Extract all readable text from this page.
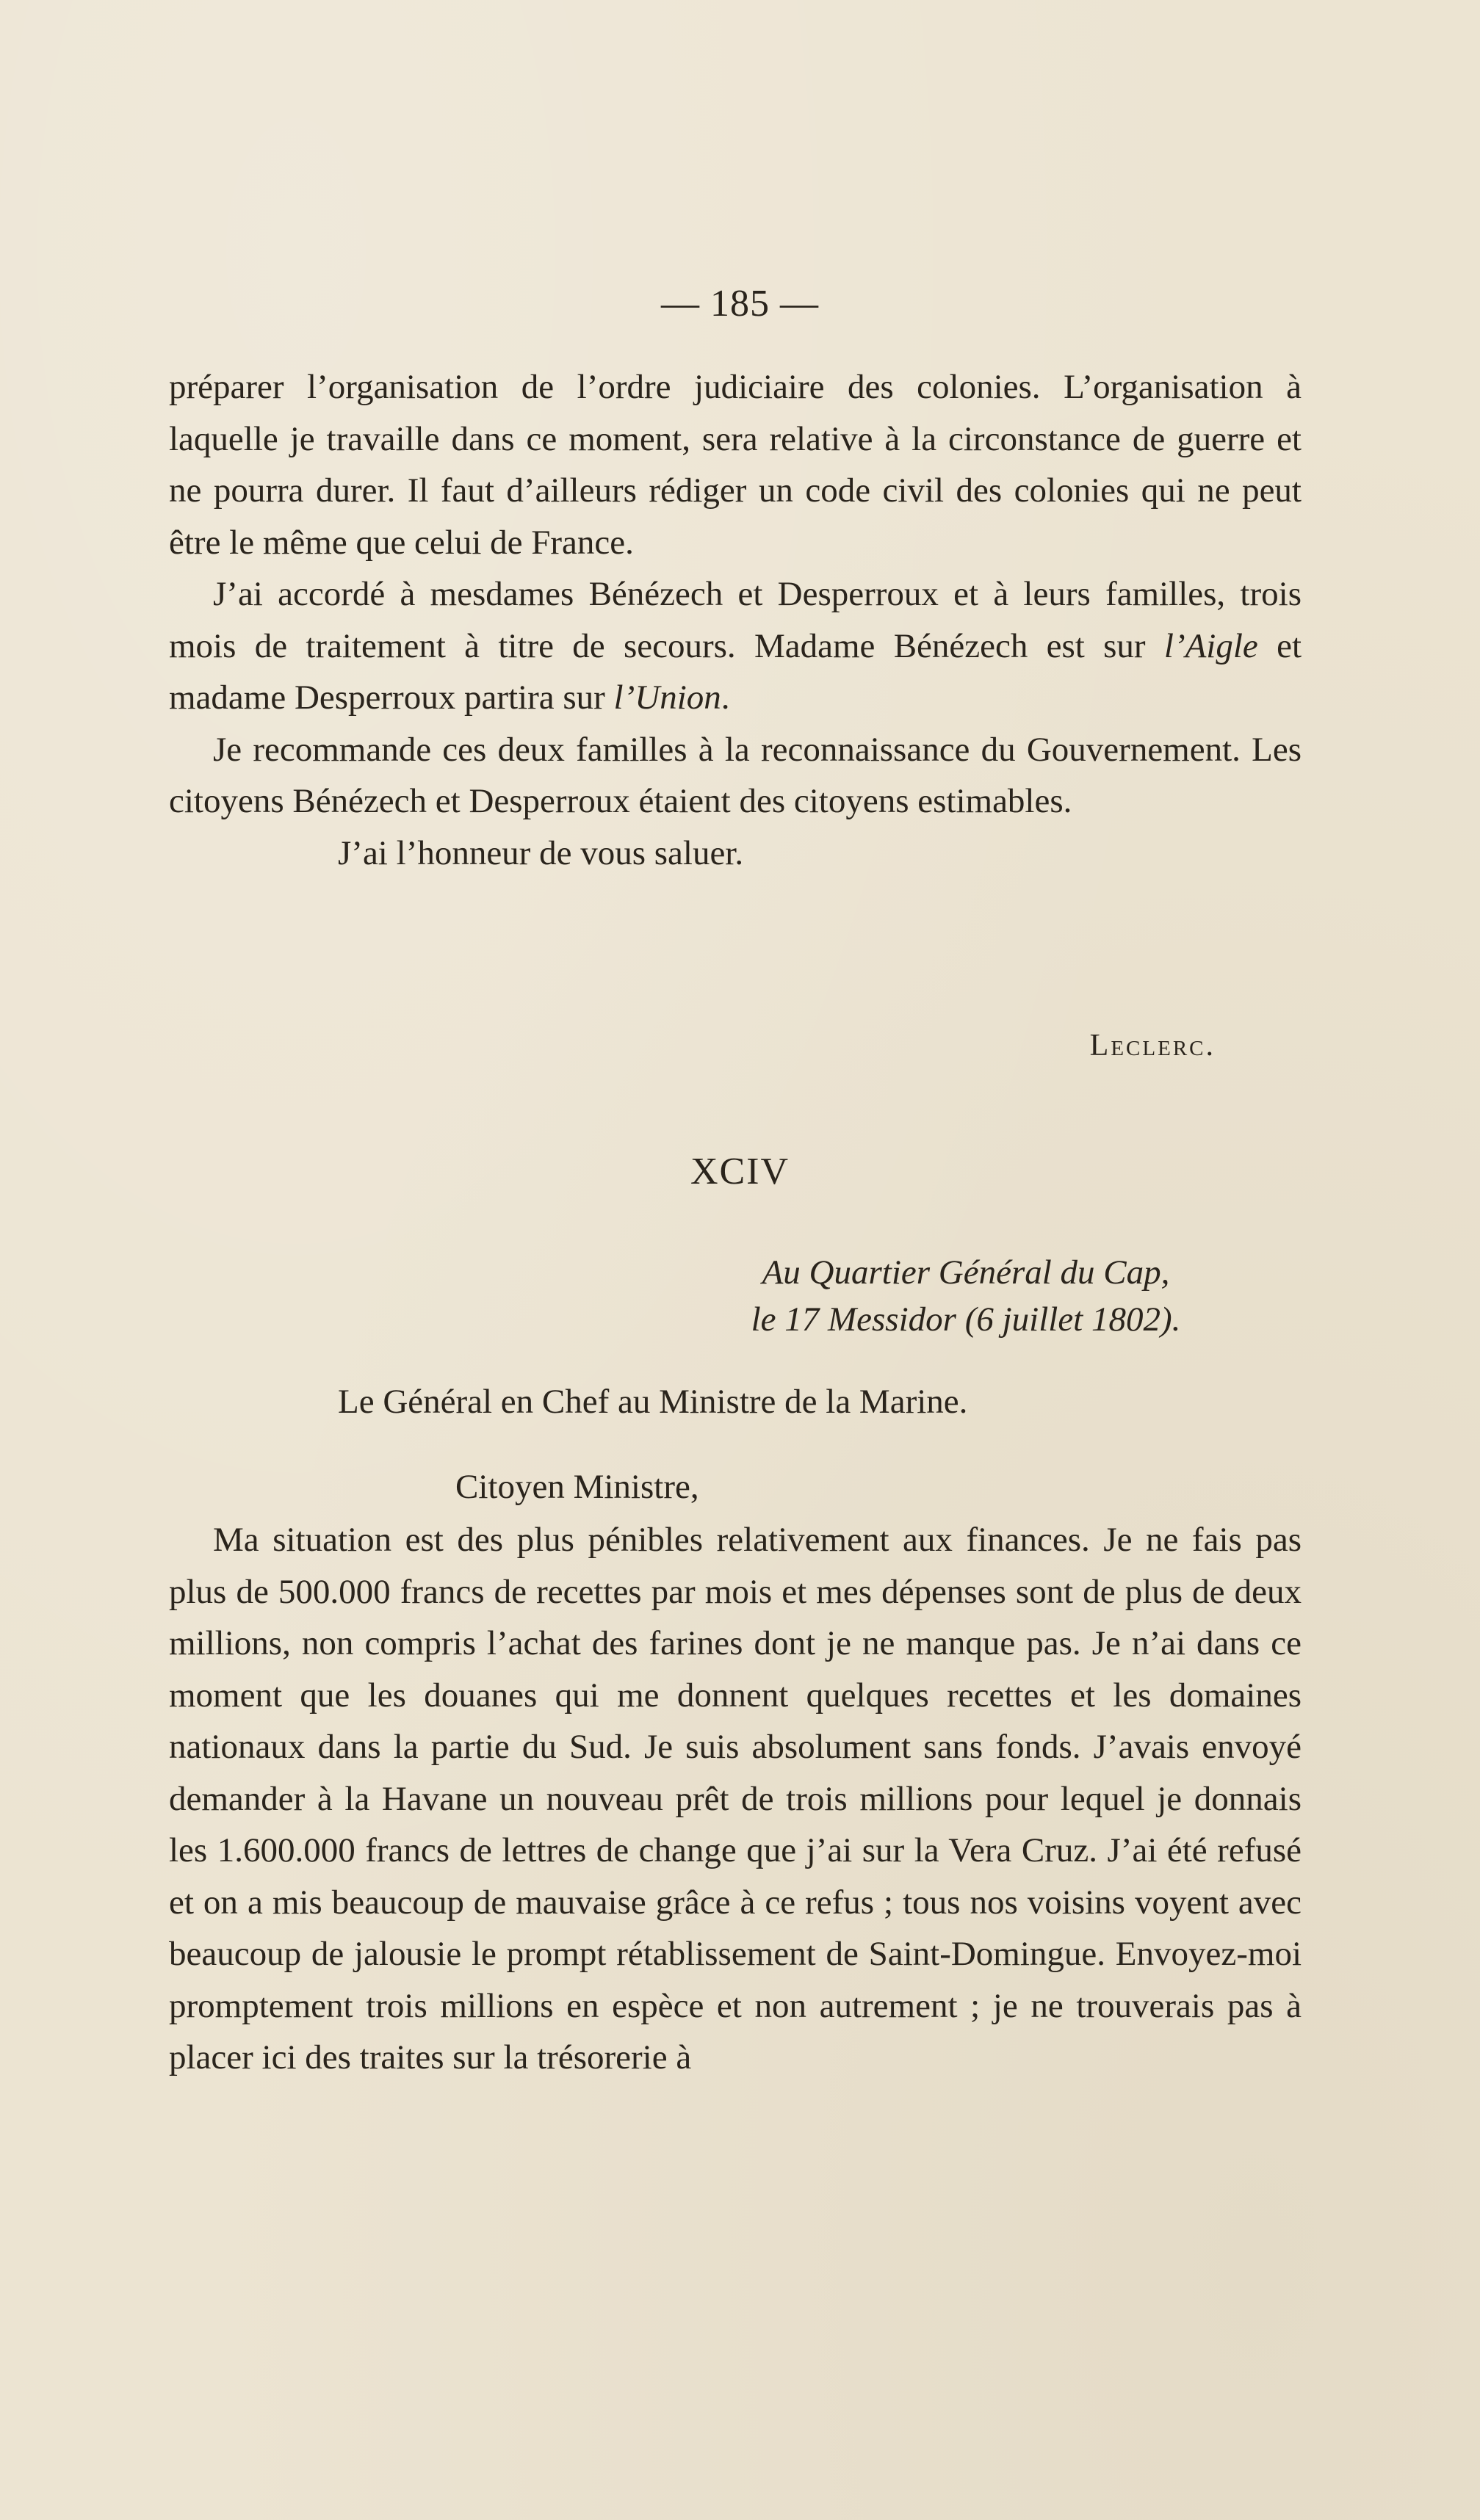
— 185 —

préparer l’organisation de l’ordre judiciaire des colonies. L’organisation à laquelle je travaille dans ce moment, sera relative à la circonstance de guerre et ne pourra durer. Il faut d’ailleurs rédiger un code civil des colonies qui ne peut être le même que celui de France.

J’ai accordé à mesdames Bénézech et Desperroux et à leurs familles, trois mois de traitement à titre de secours. Madame Bénézech est sur l’Aigle et madame Desperroux partira sur l’Union.

Je recommande ces deux familles à la reconnaissance du Gouvernement. Les citoyens Bénézech et Desperroux étaient des citoyens estimables.

J’ai l’honneur de vous saluer.

Leclerc.
XCIV
Au Quartier Général du Cap,
le 17 Messidor (6 juillet 1802).
Le Général en Chef au Ministre de la Marine.
Citoyen Ministre,

Ma situation est des plus pénibles relativement aux finances. Je ne fais pas plus de 500.000 francs de recettes par mois et mes dépenses sont de plus de deux millions, non compris l’achat des farines dont je ne manque pas. Je n’ai dans ce moment que les douanes qui me donnent quelques recettes et les domaines nationaux dans la partie du Sud. Je suis absolument sans fonds. J’avais envoyé demander à la Havane un nouveau prêt de trois millions pour lequel je donnais les 1.600.000 francs de lettres de change que j’ai sur la Vera Cruz. J’ai été refusé et on a mis beaucoup de mauvaise grâce à ce refus ; tous nos voisins voyent avec beaucoup de jalousie le prompt rétablissement de Saint-Domingue. Envoyez-moi promptement trois millions en espèce et non autrement ; je ne trouverais pas à placer ici des traites sur la trésorerie à
